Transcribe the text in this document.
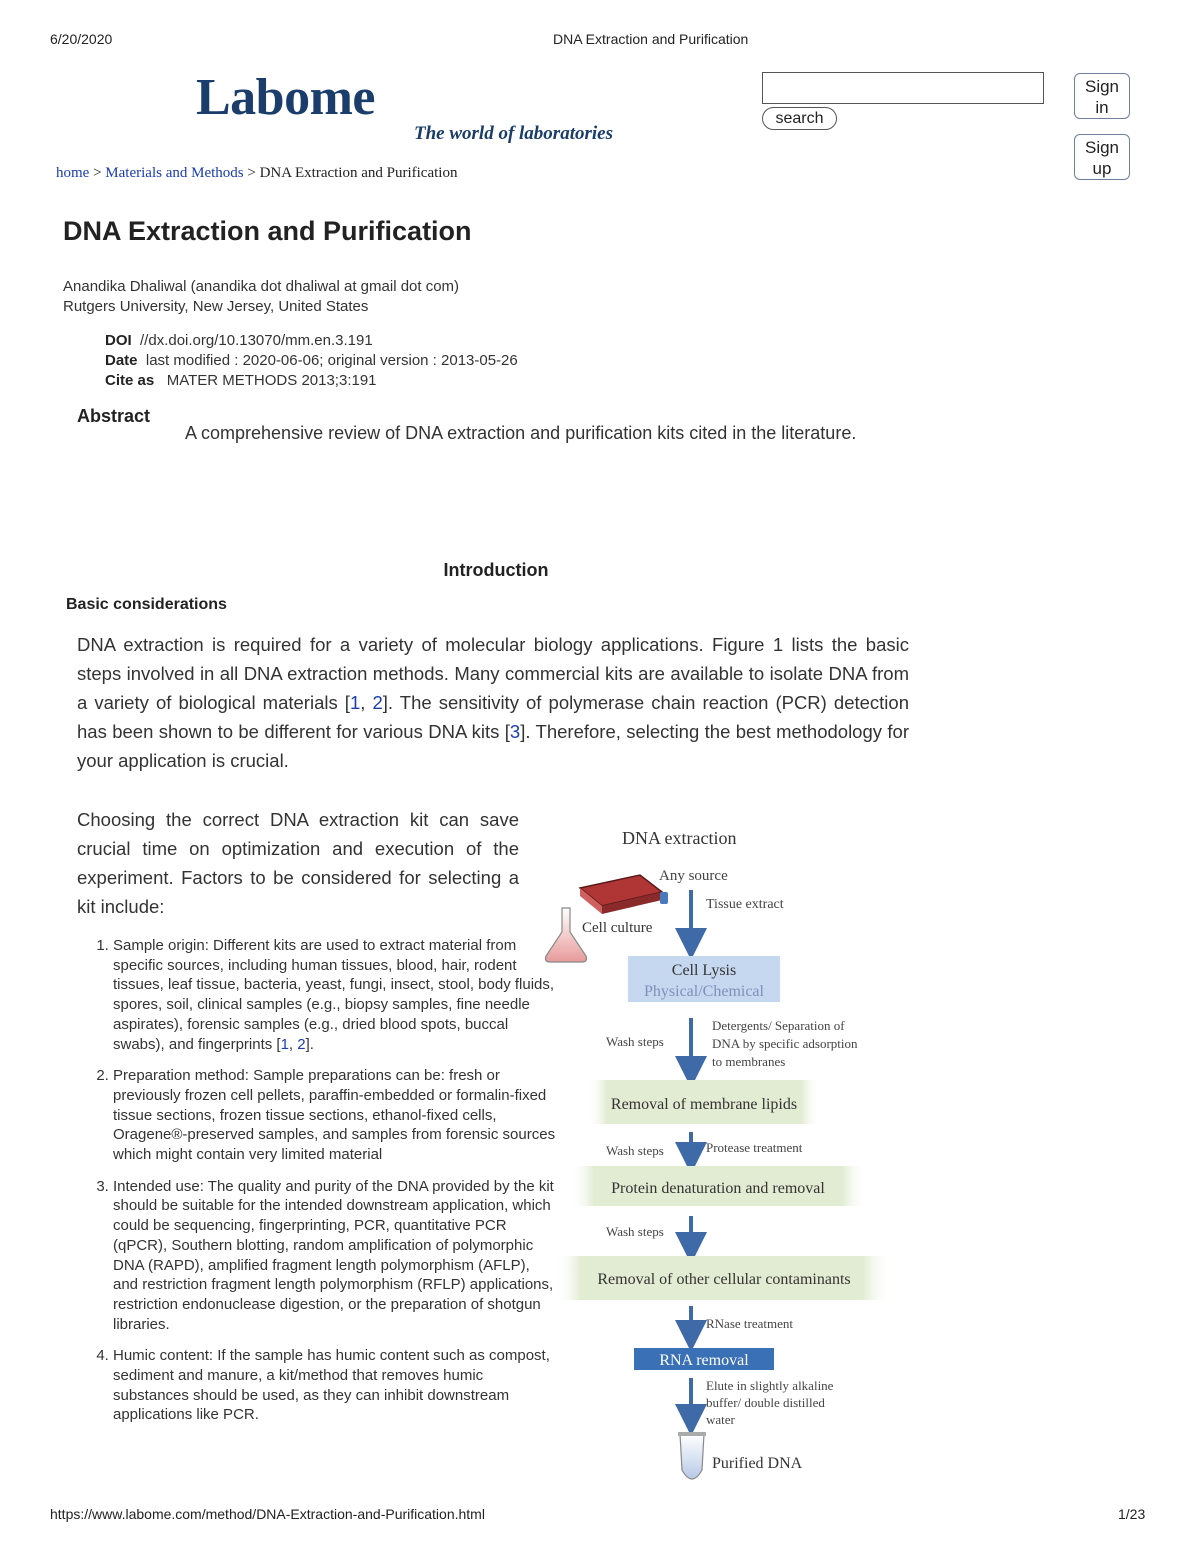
6/20/2020	DNA Extraction and Purification
Labome
The world of laboratories
search
Sign
in
Sign
up
home > Materials and Methods > DNA Extraction and Purification
DNA Extraction and Purification
Anandika Dhaliwal (anandika dot dhaliwal at gmail dot com)
Rutgers University, New Jersey, United States
DOI //dx.doi.org/10.13070/mm.en.3.191
Date last modified : 2020-06-06; original version : 2013-05-26
Cite as MATER METHODS 2013;3:191
Abstract
A comprehensive review of DNA extraction and purification kits cited in the literature.
Introduction
Basic considerations
DNA extraction is required for a variety of molecular biology applications. Figure 1 lists the basic steps involved in all DNA extraction methods. Many commercial kits are available to isolate DNA from a variety of biological materials [1, 2]. The sensitivity of polymerase chain reaction (PCR) detection has been shown to be different for various DNA kits [3]. Therefore, selecting the best methodology for your application is crucial.
Choosing the correct DNA extraction kit can save crucial time on optimization and execution of the experiment. Factors to be considered for selecting a kit include:
1. Sample origin: Different kits are used to extract material from specific sources, including human tissues, blood, hair, rodent tissues, leaf tissue, bacteria, yeast, fungi, insect, stool, body fluids, spores, soil, clinical samples (e.g., biopsy samples, fine needle aspirates), forensic samples (e.g., dried blood spots, buccal swabs), and fingerprints [1, 2].
2. Preparation method: Sample preparations can be: fresh or previously frozen cell pellets, paraffin-embedded or formalin-fixed tissue sections, frozen tissue sections, ethanol-fixed cells, Oragene®-preserved samples, and samples from forensic sources which might contain very limited material
3. Intended use: The quality and purity of the DNA provided by the kit should be suitable for the intended downstream application, which could be sequencing, fingerprinting, PCR, quantitative PCR (qPCR), Southern blotting, random amplification of polymorphic DNA (RAPD), amplified fragment length polymorphism (AFLP), and restriction fragment length polymorphism (RFLP) applications, restriction endonuclease digestion, or the preparation of shotgun libraries.
4. Humic content: If the sample has humic content such as compost, sediment and manure, a kit/method that removes humic substances should be used, as they can inhibit downstream applications like PCR.
DNA extraction
Any source
Cell culture
Tissue extract
Cell Lysis
Physical/Chemical
Wash steps
Detergents/ Separation of
DNA by specific adsorption
to membranes
Removal of membrane lipids
Wash steps	Protease treatment
Protein denaturation and removal
Wash steps
Removal of other cellular contaminants
RNase treatment
RNA removal
Elute in slightly alkaline
buffer/ double distilled
water
Purified DNA
https://www.labome.com/method/DNA-Extraction-and-Purification.html	1/23
